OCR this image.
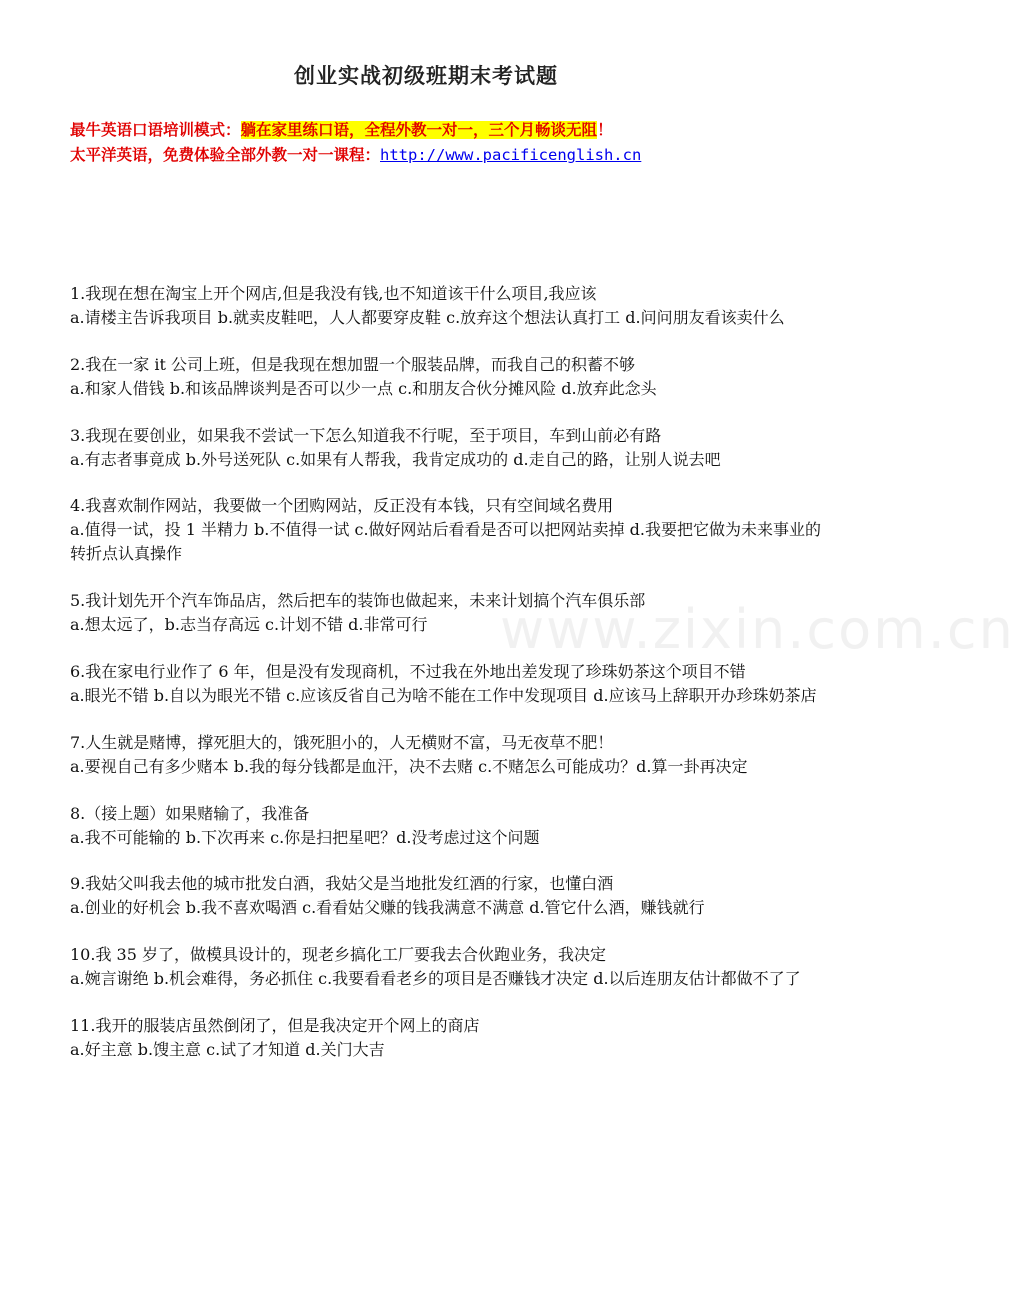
创业实战初级班期末考试题
最牛英语口语培训模式：躺在家里练口语，全程外教一对一，三个月畅谈无阻！
太平洋英语，免费体验全部外教一对一课程：http://www.pacificenglish.cn
www.zixin.com.cn

1.我现在想在淘宝上开个网店,但是我没有钱,也不知道该干什么项目,我应该

a.请楼主告诉我项目 b.就卖皮鞋吧，人人都要穿皮鞋 c.放弃这个想法认真打工 d.问问朋友看该卖什么

2.我在一家 it 公司上班，但是我现在想加盟一个服装品牌，而我自己的积蓄不够

a.和家人借钱 b.和该品牌谈判是否可以少一点 c.和朋友合伙分摊风险 d.放弃此念头

3.我现在要创业，如果我不尝试一下怎么知道我不行呢，至于项目，车到山前必有路

a.有志者事竟成 b.外号送死队 c.如果有人帮我，我肯定成功的 d.走自己的路，让别人说去吧

4.我喜欢制作网站，我要做一个团购网站，反正没有本钱，只有空间域名费用

a.值得一试，投 1 半精力 b.不值得一试 c.做好网站后看看是否可以把网站卖掉 d.我要把它做为未来事业的转折点认真操作

5.我计划先开个汽车饰品店，然后把车的装饰也做起来，未来计划搞个汽车俱乐部

a.想太远了，b.志当存高远 c.计划不错 d.非常可行

6.我在家电行业作了 6 年，但是没有发现商机，不过我在外地出差发现了珍珠奶茶这个项目不错

a.眼光不错 b.自以为眼光不错 c.应该反省自己为啥不能在工作中发现项目 d.应该马上辞职开办珍珠奶茶店

7.人生就是赌博，撑死胆大的，饿死胆小的，人无横财不富，马无夜草不肥！

a.要视自己有多少赌本 b.我的每分钱都是血汗，决不去赌 c.不赌怎么可能成功？d.算一卦再决定

8.（接上题）如果赌输了，我准备

a.我不可能输的 b.下次再来 c.你是扫把星吧？d.没考虑过这个问题

9.我姑父叫我去他的城市批发白酒，我姑父是当地批发红酒的行家，也懂白酒

a.创业的好机会 b.我不喜欢喝酒 c.看看姑父赚的钱我满意不满意 d.管它什么酒，赚钱就行

10.我 35 岁了，做模具设计的，现老乡搞化工厂要我去合伙跑业务，我决定

a.婉言谢绝 b.机会难得，务必抓住 c.我要看看老乡的项目是否赚钱才决定 d.以后连朋友估计都做不了了

11.我开的服装店虽然倒闭了，但是我决定开个网上的商店

a.好主意 b.馊主意 c.试了才知道 d.关门大吉
